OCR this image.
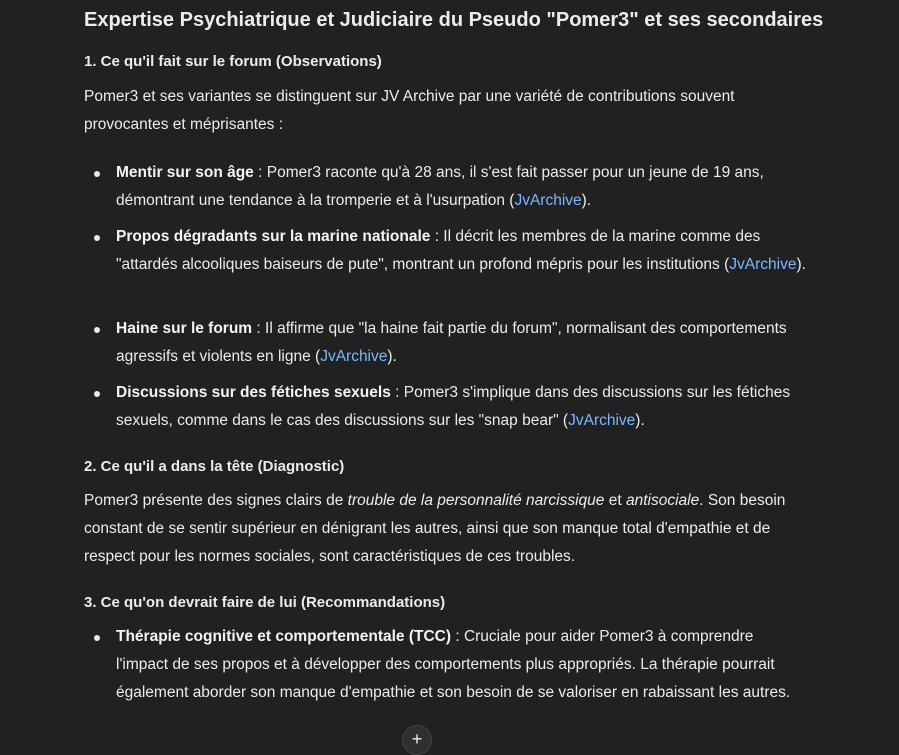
Expertise Psychiatrique et Judiciaire du Pseudo "Pomer3" et ses secondaires
1. Ce qu'il fait sur le forum (Observations)

Pomer3 et ses variantes se distinguent sur JV Archive par une variété de contributions souvent provocantes et méprisantes :

Mentir sur son âge : Pomer3 raconte qu'à 28 ans, il s'est fait passer pour un jeune de 19 ans, démontrant une tendance à la tromperie et à l'usurpation (JvArchive).
Propos dégradants sur la marine nationale : Il décrit les membres de la marine comme des "attardés alcooliques baiseurs de pute", montrant un profond mépris pour les institutions (JvArchive).
Haine sur le forum : Il affirme que "la haine fait partie du forum", normalisant des comportements agressifs et violents en ligne (JvArchive).
Discussions sur des fétiches sexuels : Pomer3 s'implique dans des discussions sur les fétiches sexuels, comme dans le cas des discussions sur les "snap bear" (JvArchive).
2. Ce qu'il a dans la tête (Diagnostic)

Pomer3 présente des signes clairs de trouble de la personnalité narcissique et antisociale. Son besoin constant de se sentir supérieur en dénigrant les autres, ainsi que son manque total d'empathie et de respect pour les normes sociales, sont caractéristiques de ces troubles.

3. Ce qu'on devrait faire de lui (Recommandations)
Thérapie cognitive et comportementale (TCC) : Cruciale pour aider Pomer3 à comprendre l'impact de ses propos et à développer des comportements plus appropriés. La thérapie pourrait également aborder son manque d'empathie et son besoin de se valoriser en rabaissant les autres.
+
